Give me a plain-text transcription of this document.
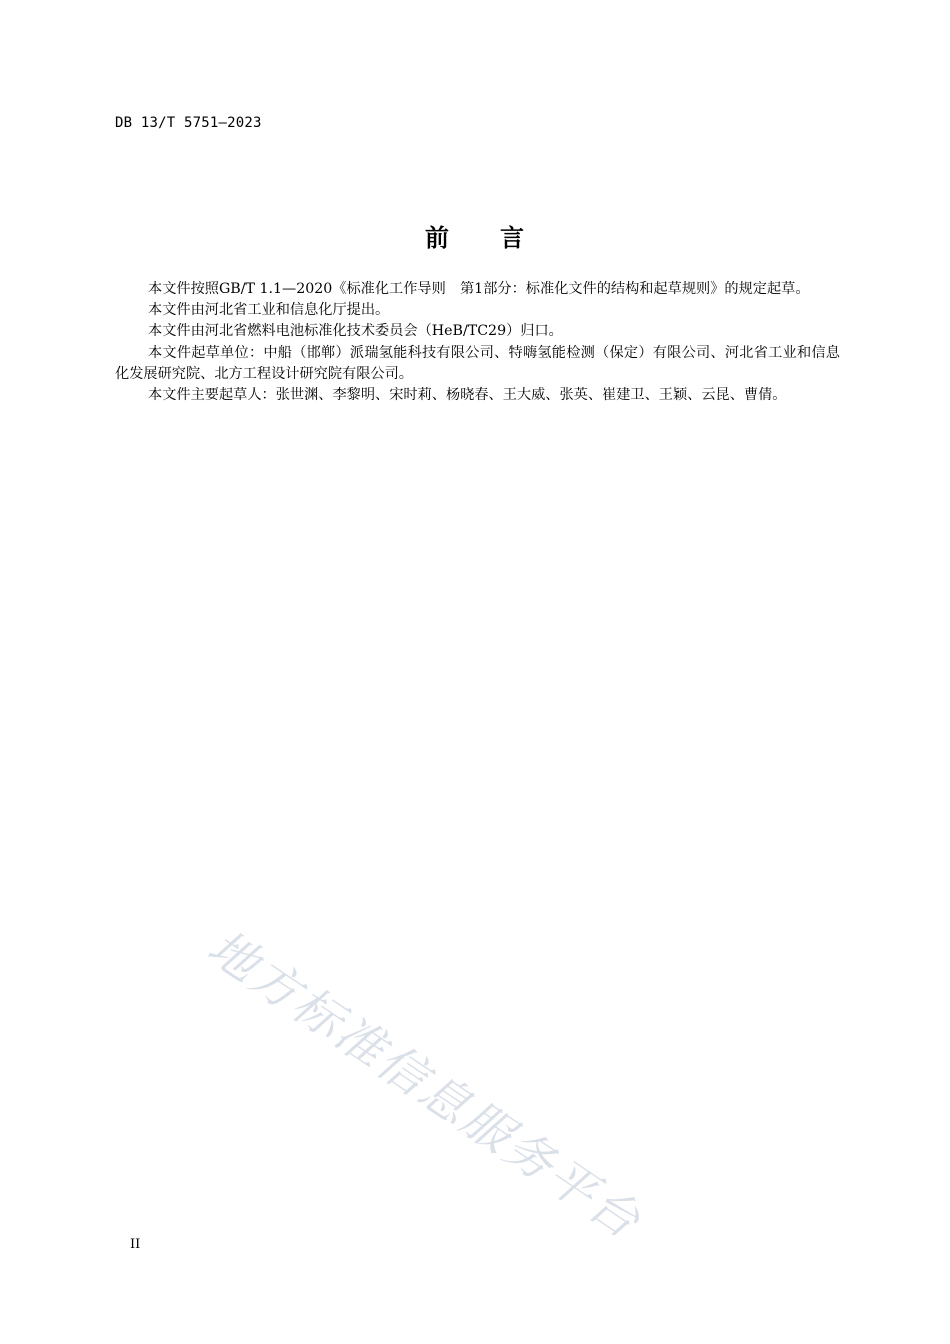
DB 13/T 5751—2023
前 言

本文件按照GB/T 1.1—2020《标准化工作导则　第1部分：标准化文件的结构和起草规则》的规定起草。

本文件由河北省工业和信息化厅提出。

本文件由河北省燃料电池标准化技术委员会（HeB/TC29）归口。

本文件起草单位：中船（邯郸）派瑞氢能科技有限公司、特嗨氢能检测（保定）有限公司、河北省工业和信息化发展研究院、北方工程设计研究院有限公司。

本文件主要起草人：张世渊、李黎明、宋时莉、杨晓春、王大威、张英、崔建卫、王颖、云昆、曹倩。

地方标准信息服务平台
II
